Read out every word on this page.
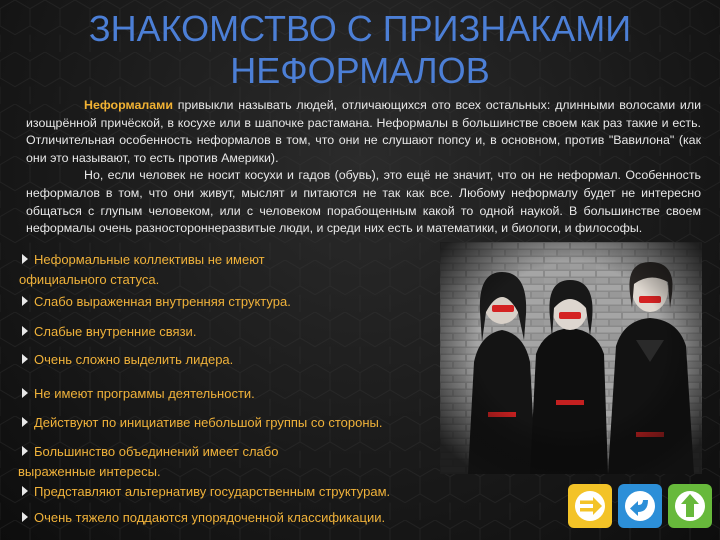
ЗНАКОМСТВО С ПРИЗНАКАМИ
НЕФОРМАЛОВ

Неформалами привыкли называть людей, отличающихся ото всех остальных: длинными волосами или изощрённой причёской, в косухе или в шапочке растамана. Неформалы в большинстве своем как раз такие и есть. Отличительная особенность неформалов в том, что они не слушают попсу и, в основном, против "Вавилона" (как они это называют, то есть против Америки).
Но, если человек не носит косухи и гадов (обувь), это ещё не значит, что он не неформал. Особенность неформалов в том, что они живут, мыслят и питаются не так как все. Любому неформалу будет не интересно общаться с глупым человеком, или с человеком порабощенным какой то одной наукой. В большинстве своем неформалы очень разностороннеразвитые люди, и среди них есть и математики, и биологи, и философы.

Неформальные коллективы не имеют
официального статуса.
Слабо выраженная внутренняя структура.
Слабые внутренние связи.
Очень сложно выделить лидера.
Не имеют программы деятельности.
Действуют по инициативе небольшой группы со стороны.
Большинство объединений имеет слабо
выраженные интересы.
Представляют альтернативу государственным структурам.
Очень тяжело поддаются упорядоченной классификации.
